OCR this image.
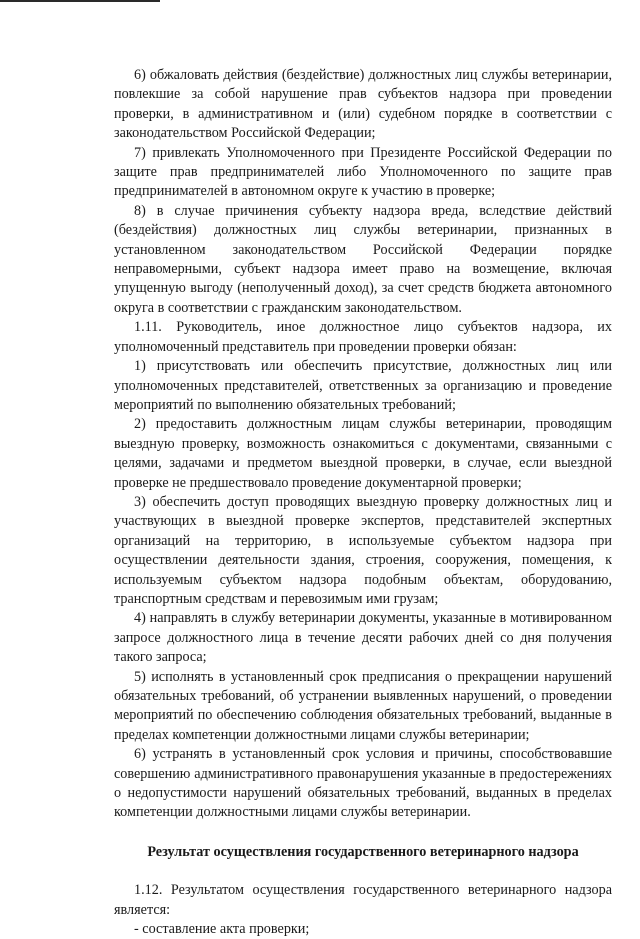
6) обжаловать действия (бездействие) должностных лиц службы ветеринарии, повлекшие за собой нарушение прав субъектов надзора при проведении проверки, в административном и (или) судебном порядке в соответствии с законодательством Российской Федерации;

7) привлекать Уполномоченного при Президенте Российской Федерации по защите прав предпринимателей либо Уполномоченного по защите прав предпринимателей в автономном округе к участию в проверке;

8) в случае причинения субъекту надзора вреда, вследствие действий (бездействия) должностных лиц службы ветеринарии, признанных в установленном законодательством Российской Федерации порядке неправомерными, субъект надзора имеет право на возмещение, включая упущенную выгоду (неполученный доход), за счет средств бюджета автономного округа в соответствии с гражданским законодательством.

1.11. Руководитель, иное должностное лицо субъектов надзора, их уполномоченный представитель при проведении проверки обязан:

1) присутствовать или обеспечить присутствие, должностных лиц или уполномоченных представителей, ответственных за организацию и проведение мероприятий по выполнению обязательных требований;

2) предоставить должностным лицам службы ветеринарии, проводящим выездную проверку, возможность ознакомиться с документами, связанными с целями, задачами и предметом выездной проверки, в случае, если выездной проверке не предшествовало проведение документарной проверки;

3) обеспечить доступ проводящих выездную проверку должностных лиц и участвующих в выездной проверке экспертов, представителей экспертных организаций на территорию, в используемые субъектом надзора при осуществлении деятельности здания, строения, сооружения, помещения, к используемым субъектом надзора подобным объектам, оборудованию, транспортным средствам и перевозимым ими грузам;

4) направлять в службу ветеринарии документы, указанные в мотивированном запросе должностного лица в течение десяти рабочих дней со дня получения такого запроса;

5) исполнять в установленный срок предписания о прекращении нарушений обязательных требований, об устранении выявленных нарушений, о проведении мероприятий по обеспечению соблюдения обязательных требований, выданные в пределах компетенции должностными лицами службы ветеринарии;

6) устранять в установленный срок условия и причины, способствовавшие совершению административного правонарушения указанные в предостережениях о недопустимости нарушений обязательных требований, выданных в пределах компетенции должностными лицами службы ветеринарии.

Результат осуществления государственного ветеринарного надзора

1.12. Результатом осуществления государственного ветеринарного надзора является:

- составление акта проверки;
